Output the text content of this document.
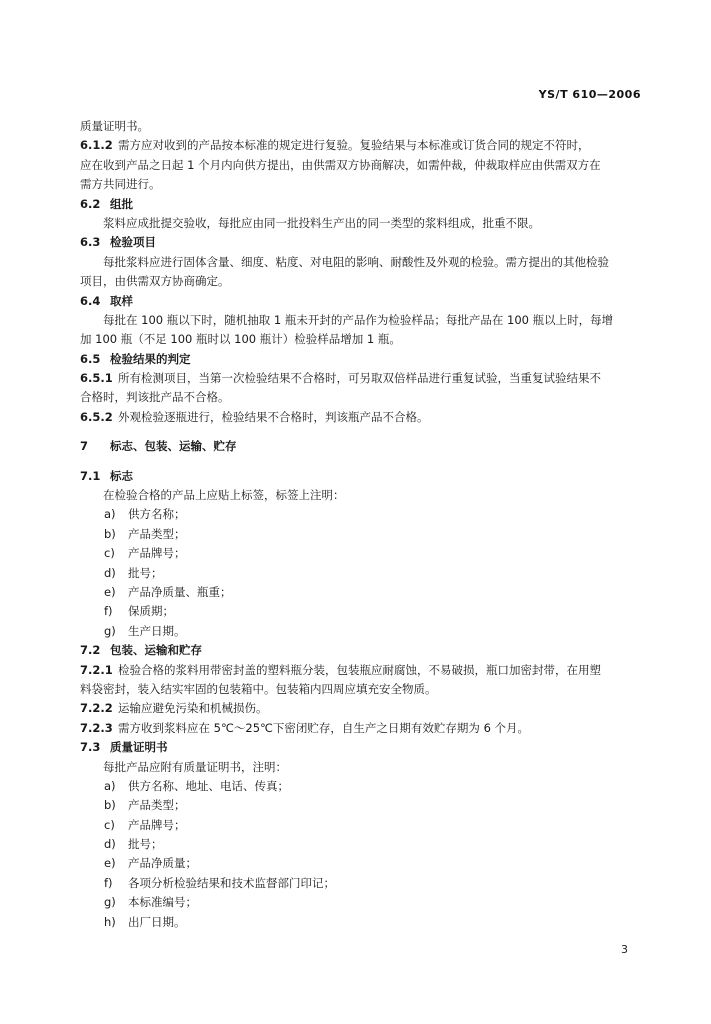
YS/T 610—2006
质量证明书。
6.1.2 需方应对收到的产品按本标准的规定进行复验。复验结果与本标准或订货合同的规定不符时，
应在收到产品之日起 1 个月内向供方提出，由供需双方协商解决，如需仲裁，仲裁取样应由供需双方在
需方共同进行。
6.2 组批
浆料应成批提交验收，每批应由同一批投料生产出的同一类型的浆料组成，批重不限。
6.3 检验项目
每批浆料应进行固体含量、细度、粘度、对电阻的影响、耐酸性及外观的检验。需方提出的其他检验
项目，由供需双方协商确定。
6.4 取样
每批在 100 瓶以下时，随机抽取 1 瓶未开封的产品作为检验样品；每批产品在 100 瓶以上时，每增
加 100 瓶（不足 100 瓶时以 100 瓶计）检验样品增加 1 瓶。
6.5 检验结果的判定
6.5.1 所有检测项目，当第一次检验结果不合格时，可另取双倍样品进行重复试验，当重复试验结果不
合格时，判该批产品不合格。
6.5.2 外观检验逐瓶进行，检验结果不合格时，判该瓶产品不合格。
7 标志、包装、运输、贮存
7.1 标志
在检验合格的产品上应贴上标签，标签上注明：
a) 供方名称；
b) 产品类型；
c) 产品牌号；
d) 批号；
e) 产品净质量、瓶重；
f) 保质期；
g) 生产日期。
7.2 包装、运输和贮存
7.2.1 检验合格的浆料用带密封盖的塑料瓶分装，包装瓶应耐腐蚀，不易破损，瓶口加密封带，在用塑
料袋密封，装入结实牢固的包装箱中。包装箱内四周应填充安全物质。
7.2.2 运输应避免污染和机械损伤。
7.2.3 需方收到浆料应在 5℃～25℃下密闭贮存，自生产之日期有效贮存期为 6 个月。
7.3 质量证明书
每批产品应附有质量证明书，注明：
a) 供方名称、地址、电话、传真；
b) 产品类型；
c) 产品牌号；
d) 批号；
e) 产品净质量；
f) 各项分析检验结果和技术监督部门印记；
g) 本标准编号；
h) 出厂日期。
3
